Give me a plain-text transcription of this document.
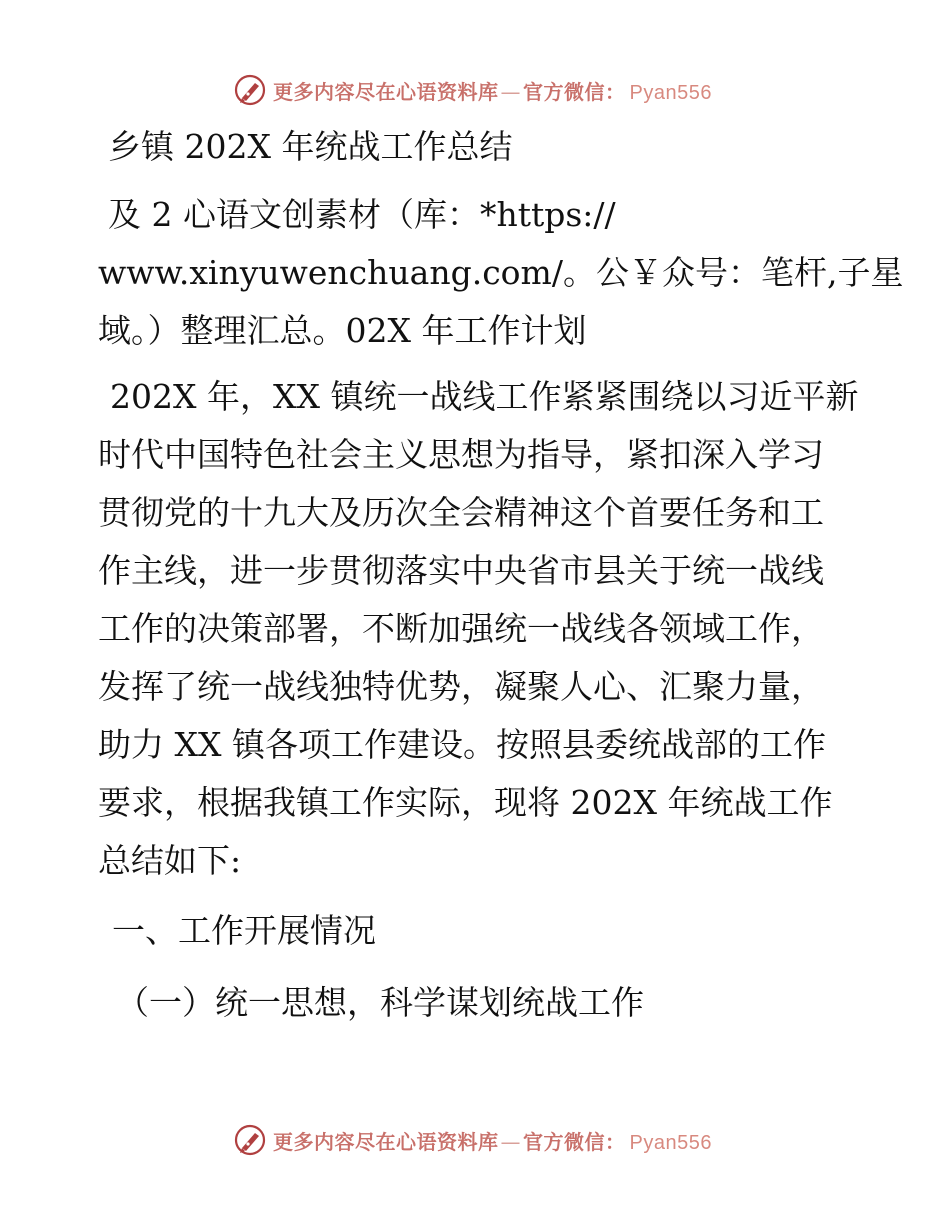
更多内容尽在心语资料库 — 官方微信： Pyan556
乡镇 202X 年统战工作总结
及 2 心语文创素材（库：*https://
www.xinyuwenchuang.com/。公￥众号：笔杆,子星
域。）整理汇总。02X 年工作计划
202X 年，XX 镇统一战线工作紧紧围绕以习近平新
时代中国特色社会主义思想为指导，紧扣深入学习
贯彻党的十九大及历次全会精神这个首要任务和工
作主线，进一步贯彻落实中央省市县关于统一战线
工作的决策部署，不断加强统一战线各领域工作，
发挥了统一战线独特优势，凝聚人心、汇聚力量，
助力 XX 镇各项工作建设。按照县委统战部的工作
要求，根据我镇工作实际，现将 202X 年统战工作
总结如下:
一、工作开展情况
（一）统一思想，科学谋划统战工作
更多内容尽在心语资料库 — 官方微信： Pyan556
